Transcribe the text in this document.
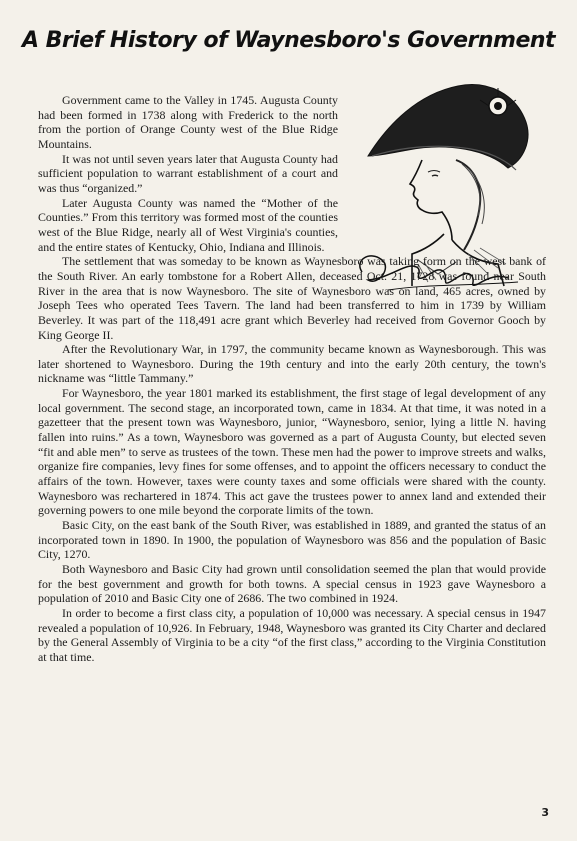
A Brief History of Waynesboro's Government

Government came to the Valley in 1745. Augusta County had been formed in 1738 along with Frederick to the north from the portion of Orange County west of the Blue Ridge Mountains.

It was not until seven years later that Augusta County had sufficient population to warrant establishment of a court and was thus “organized.”

Later Augusta County was named the “Mother of the Counties.” From this territory was formed most of the counties west of the Blue Ridge, nearly all of West Virginia's counties, and the entire states of Kentucky, Ohio, Indiana and Illinois.

The settlement that was someday to be known as Waynesboro was taking form on the west bank of the South River. An early tombstone for a Robert Allen, deceased Oct. 21, 1728 was found near South River in the area that is now Waynesboro. The site of Waynesboro was on land, 465 acres, owned by Joseph Tees who operated Tees Tavern. The land had been transferred to him in 1739 by William Beverley. It was part of the 118,491 acre grant which Beverley had received from Governor Gooch by King George II.

After the Revolutionary War, in 1797, the community became known as Waynesborough. This was later shortened to Waynesboro. During the 19th century and into the early 20th century, the town's nickname was “little Tammany.”

For Waynesboro, the year 1801 marked its establishment, the first stage of legal development of any local government. The second stage, an incorporated town, came in 1834. At that time, it was noted in a gazetteer that the present town was Waynesboro, junior, “Waynesboro, senior, lying a little N. having fallen into ruins.” As a town, Waynesboro was governed as a part of Augusta County, but elected seven “fit and able men” to serve as trustees of the town. These men had the power to improve streets and walks, organize fire companies, levy fines for some offenses, and to appoint the officers necessary to conduct the affairs of the town. However, taxes were county taxes and some officials were shared with the county. Waynesboro was rechartered in 1874. This act gave the trustees power to annex land and extended their governing powers to one mile beyond the corporate limits of the town.

Basic City, on the east bank of the South River, was established in 1889, and granted the status of an incorporated town in 1890. In 1900, the population of Waynesboro was 856 and the population of Basic City, 1270.

Both Waynesboro and Basic City had grown until consolidation seemed the plan that would provide for the best government and growth for both towns. A special census in 1923 gave Waynesboro a population of 2010 and Basic City one of 2686. The two combined in 1924.

In order to become a first class city, a population of 10,000 was necessary. A special census in 1947 revealed a population of 10,926. In February, 1948, Waynesboro was granted its City Charter and declared by the General Assembly of Virginia to be a city “of the first class,” according to the Virginia Constitution at that time.

3
